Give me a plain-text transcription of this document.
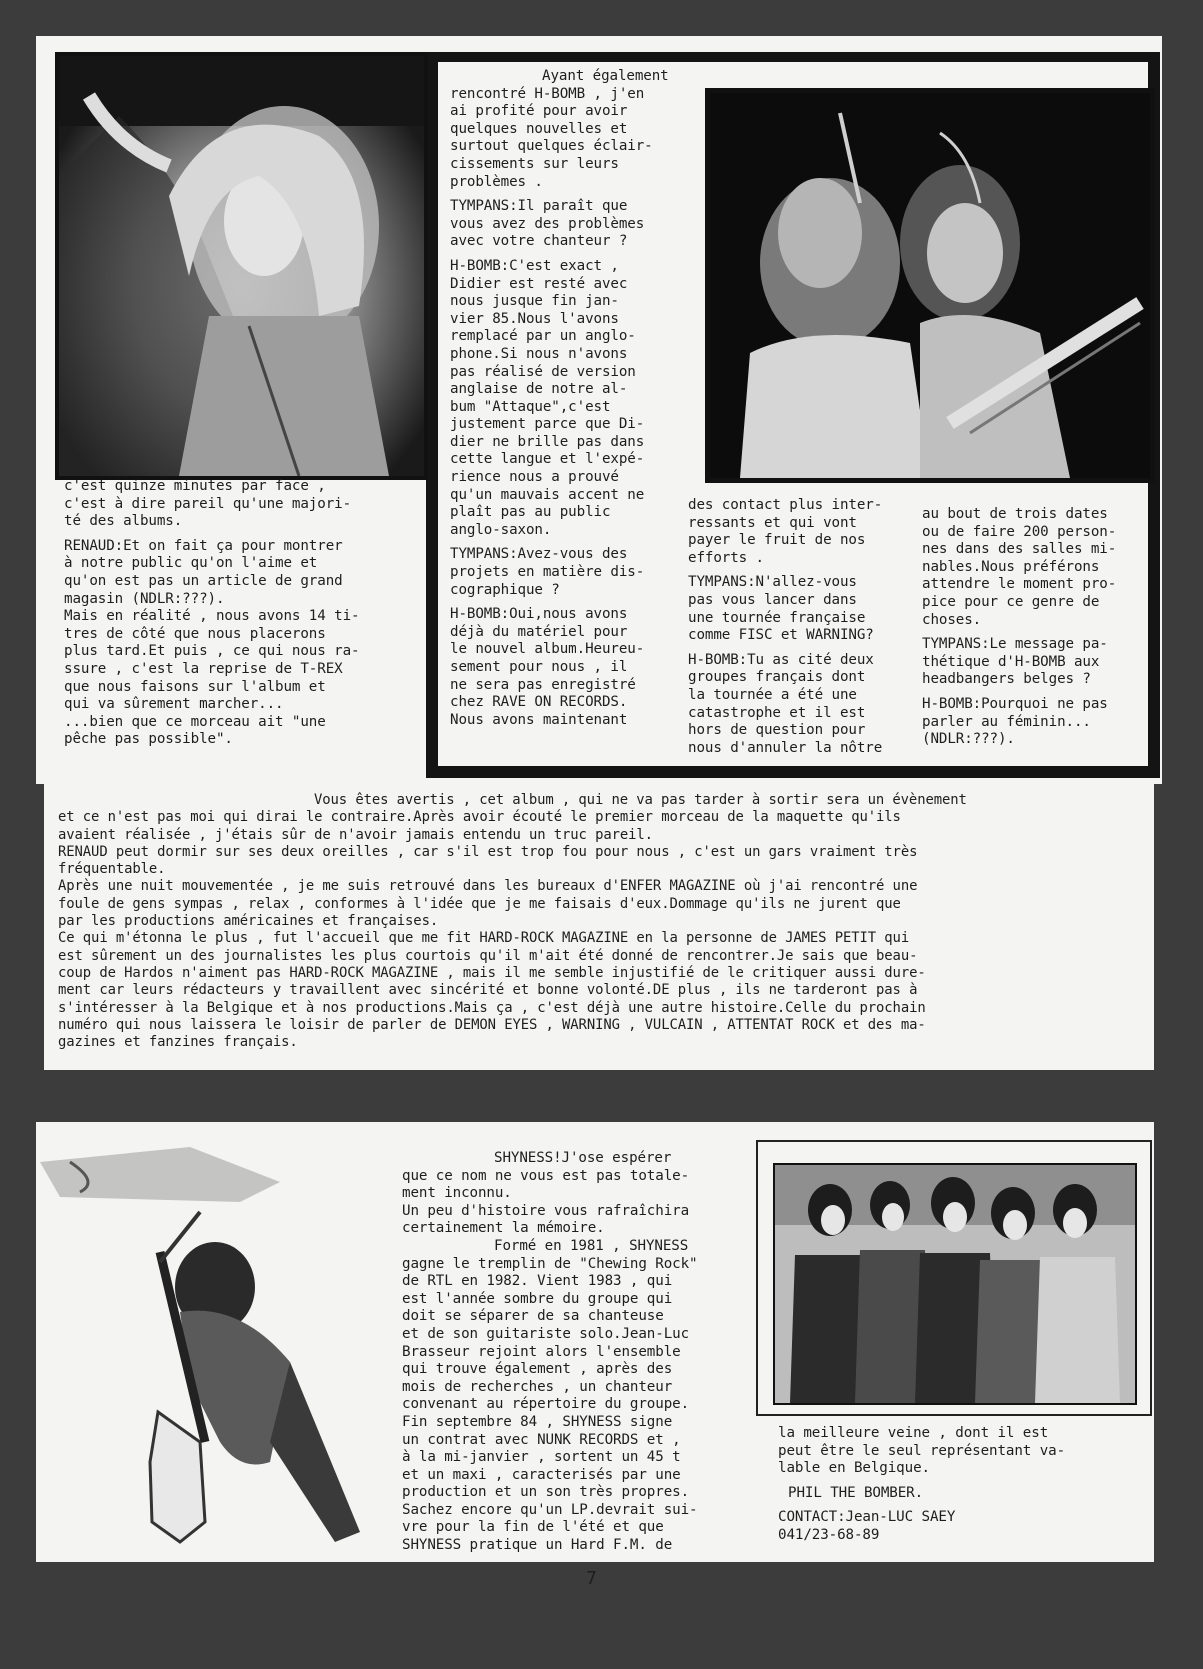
c'est quinze minutes par face ,
c'est à dire pareil qu'une majori-
té des albums.

RENAUD:Et on fait ça pour montrer
à notre public qu'on l'aime et
qu'on est pas un article de grand
magasin (NDLR:???).
Mais en réalité , nous avons 14 ti-
tres de côté que nous placerons
plus tard.Et puis , ce qui nous ra-
ssure , c'est la reprise de T-REX
que nous faisons sur l'album et
qui va sûrement marcher...
...bien que ce morceau ait "une
pêche pas possible".

Ayant également
rencontré H-BOMB , j'en
ai profité pour avoir
quelques nouvelles et
surtout quelques éclair-
cissements sur leurs
problèmes .

TYMPANS:Il paraît que
vous avez des problèmes
avec votre chanteur ?

H-BOMB:C'est exact ,
Didier est resté avec
nous jusque fin jan-
vier 85.Nous l'avons
remplacé par un anglo-
phone.Si nous n'avons
pas réalisé de version
anglaise de notre al-
bum "Attaque",c'est
justement parce que Di-
dier ne brille pas dans
cette langue et l'expé-
rience nous a prouvé
qu'un mauvais accent ne
plaît pas au public
anglo-saxon.

TYMPANS:Avez-vous des
projets en matière dis-
cographique ?

H-BOMB:Oui,nous avons
déjà du matériel pour
le nouvel album.Heureu-
sement pour nous , il
ne sera pas enregistré
chez RAVE ON RECORDS.
Nous avons maintenant

des contact plus inter-
ressants et qui vont
payer le fruit de nos
efforts .

TYMPANS:N'allez-vous
pas vous lancer dans
une tournée française
comme FISC et WARNING?

H-BOMB:Tu as cité deux
groupes français dont
la tournée a été une
catastrophe et il est
hors de question pour
nous d'annuler la nôtre

au bout de trois dates
ou de faire 200 person-
nes dans des salles mi-
nables.Nous préférons
attendre le moment pro-
pice pour ce genre de
choses.

TYMPANS:Le message pa-
thétique d'H-BOMB aux
headbangers belges ?

H-BOMB:Pourquoi ne pas
parler au féminin...
(NDLR:???).

Vous êtes avertis , cet album , qui ne va pas tarder à sortir sera un évènement
et ce n'est pas moi qui dirai le contraire.Après avoir écouté le premier morceau de la maquette qu'ils
avaient réalisée , j'étais sûr de n'avoir jamais entendu un truc pareil.
RENAUD peut dormir sur ses deux oreilles , car s'il est trop fou pour nous , c'est un gars vraiment très
fréquentable.
Après une nuit mouvementée , je me suis retrouvé dans les bureaux d'ENFER MAGAZINE où j'ai rencontré une
foule de gens sympas , relax , conformes à l'idée que je me faisais d'eux.Dommage qu'ils ne jurent que
par les productions américaines et françaises.
Ce qui m'étonna le plus , fut l'accueil que me fit HARD-ROCK MAGAZINE en la personne de JAMES PETIT qui
est sûrement un des journalistes les plus courtois qu'il m'ait été donné de rencontrer.Je sais que beau-
coup de Hardos n'aiment pas HARD-ROCK MAGAZINE , mais il me semble injustifié de le critiquer aussi dure-
ment car leurs rédacteurs y travaillent avec sincérité et bonne volonté.DE plus , ils ne tarderont pas à
s'intéresser à la Belgique et à nos productions.Mais ça , c'est déjà une autre histoire.Celle du prochain
numéro qui nous laissera le loisir de parler de DEMON EYES , WARNING , VULCAIN , ATTENTAT ROCK et des ma-
gazines et fanzines français.

SHYNESS!J'ose espérer
que ce nom ne vous est pas totale-
ment inconnu.
Un peu d'histoire vous rafraîchira
certainement la mémoire.

Formé en 1981 , SHYNESS
gagne le tremplin de "Chewing Rock"
de RTL en 1982. Vient 1983 , qui
est l'année sombre du groupe qui
doit se séparer de sa chanteuse
et de son guitariste solo.Jean-Luc
Brasseur rejoint alors l'ensemble
qui trouve également , après des
mois de recherches , un chanteur
convenant au répertoire du groupe.
Fin septembre 84 , SHYNESS signe
un contrat avec NUNK RECORDS et ,
à la mi-janvier , sortent un 45 t
et un maxi , caracterisés par une
production et un son très propres.
Sachez encore qu'un LP.devrait sui-
vre pour la fin de l'été et que
SHYNESS pratique un Hard F.M. de

la meilleure veine , dont il est
peut être le seul représentant va-
lable en Belgique.

PHIL THE BOMBER.

CONTACT:Jean-LUC SAEY
041/23-68-89

7
